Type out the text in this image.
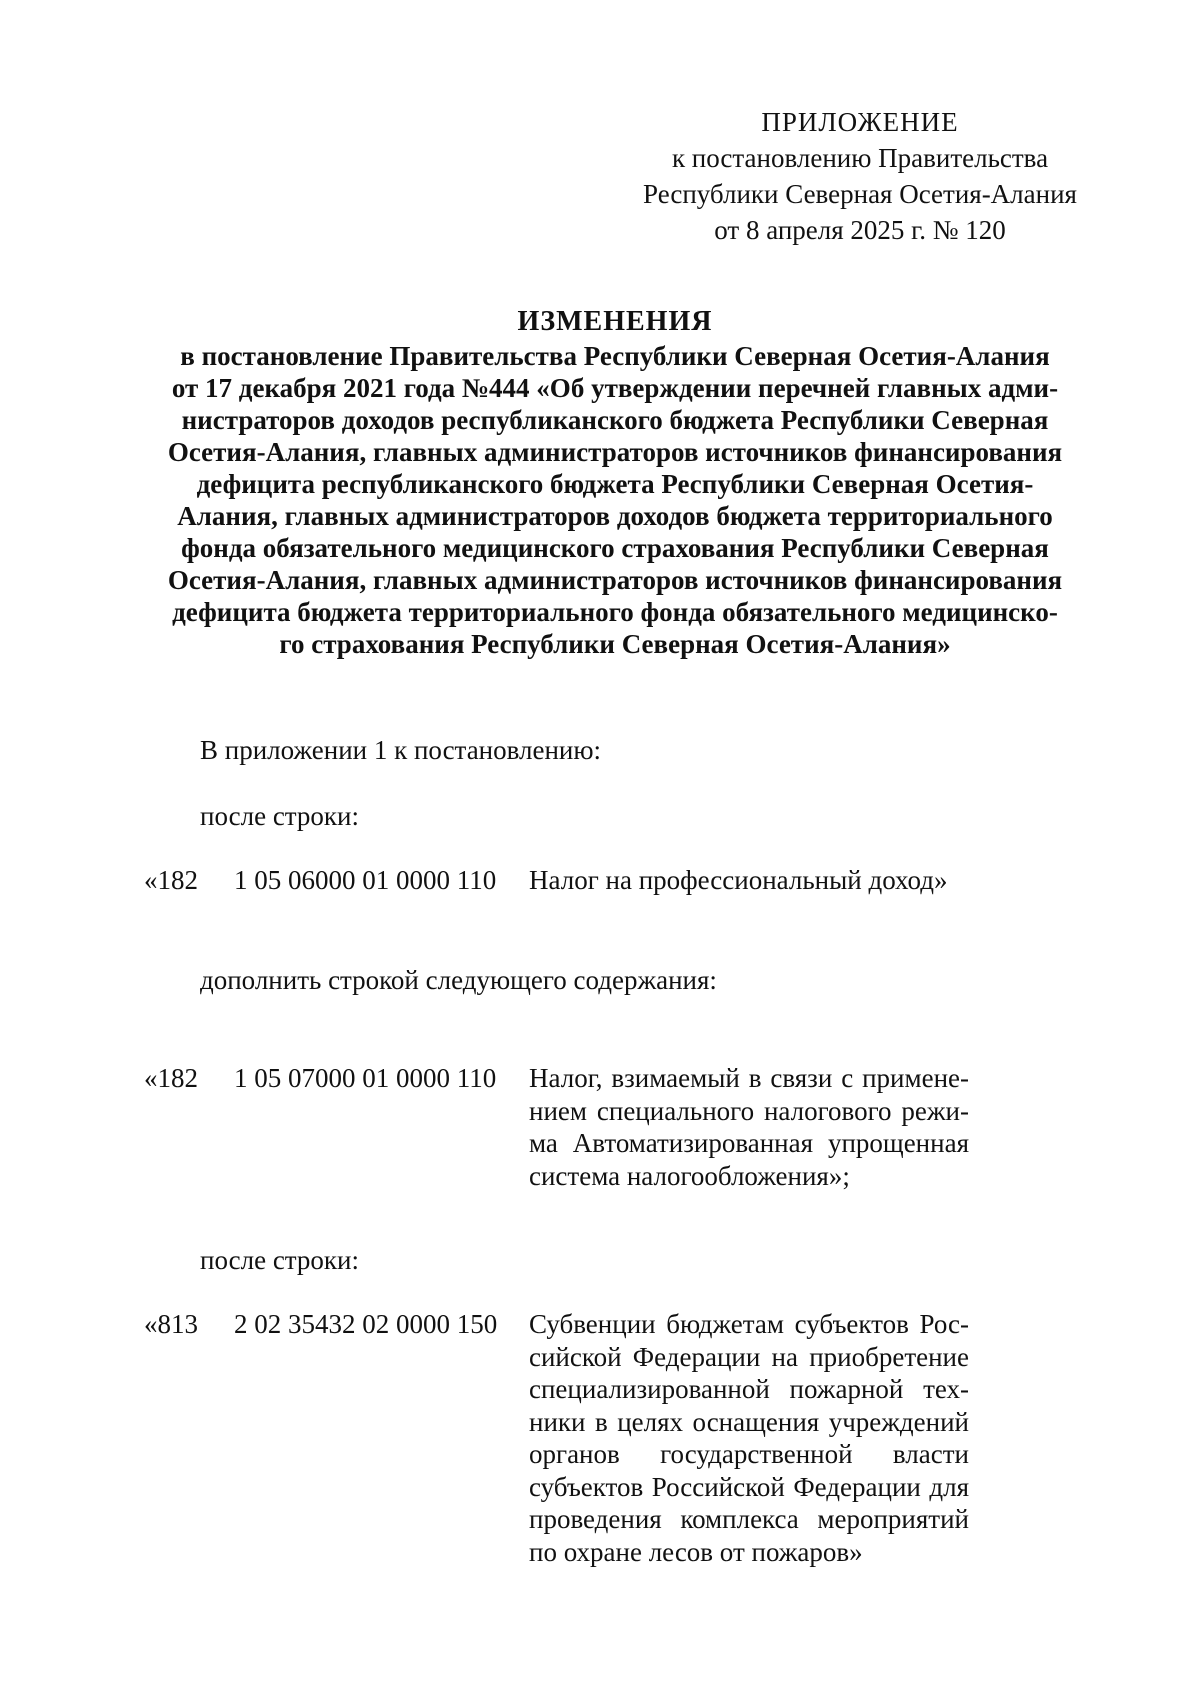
ПРИЛОЖЕНИЕ
к постановлению Правительства
Республики Северная Осетия-Алания
от 8 апреля 2025 г. № 120
ИЗМЕНЕНИЯ
в постановление Правительства Республики Северная Осетия-Алания
от 17 декабря 2021 года №444 «Об утверждении перечней главных адми-
нистраторов доходов республиканского бюджета Республики Северная
Осетия-Алания, главных администраторов источников финансирования
дефицита республиканского бюджета Республики Северная Осетия-
Алания, главных администраторов доходов бюджета территориального
фонда обязательного медицинского страхования Республики Северная
Осетия-Алания, главных администраторов источников финансирования
дефицита бюджета территориального фонда обязательного медицинско-
го страхования Республики Северная Осетия-Алания»
В приложении 1 к постановлению:
после строки:
«182 1 05 06000 01 0000 110 Налог на профессиональный доход»
дополнить строкой следующего содержания:
«182 1 05 07000 01 0000 110 Налог, взимаемый в связи с примене-
нием специального налогового режи-
ма Автоматизированная упрощенная
система налогообложения»;
после строки:
«813 2 02 35432 02 0000 150 Субвенции бюджетам субъектов Рос-
сийской Федерации на приобретение
специализированной пожарной тех-
ники в целях оснащения учреждений
органов государственной власти
субъектов Российской Федерации для
проведения комплекса мероприятий
по охране лесов от пожаров»
